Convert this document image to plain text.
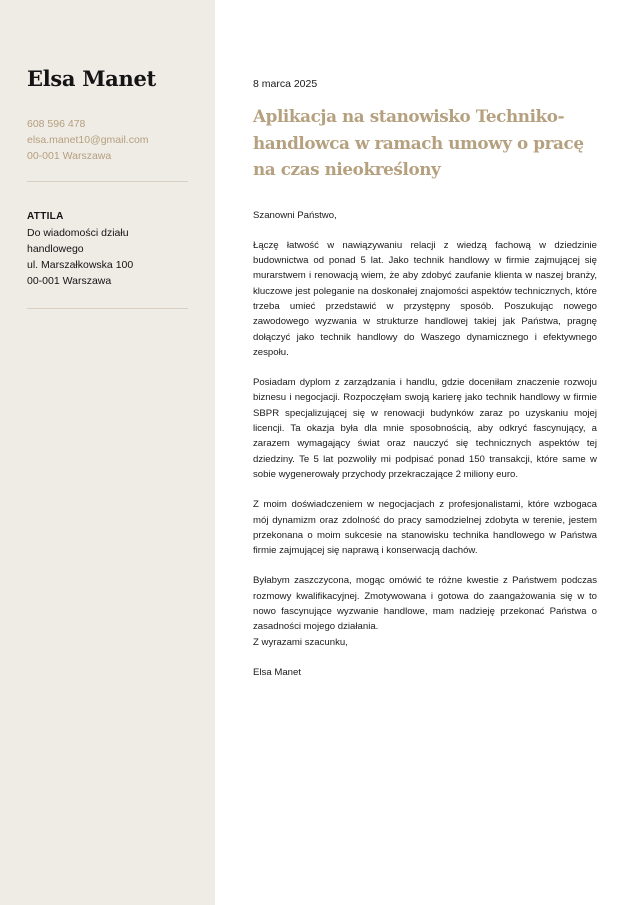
Elsa Manet
608 596 478
elsa.manet10@gmail.com
00-001 Warszawa
ATTILA
Do wiadomości działu handlowego
ul. Marszałkowska 100
00-001 Warszawa
8 marca 2025
Aplikacja na stanowisko Techniko-handlowca w ramach umowy o pracę na czas nieokreślony
Szanowni Państwo,
Łączę łatwość w nawiązywaniu relacji z wiedzą fachową w dziedzinie budownictwa od ponad 5 lat. Jako technik handlowy w firmie zajmującej się murarstwem i renowacją wiem, że aby zdobyć zaufanie klienta w naszej branży, kluczowe jest poleganie na doskonałej znajomości aspektów technicznych, które trzeba umieć przedstawić w przystępny sposób. Poszukując nowego zawodowego wyzwania w strukturze handlowej takiej jak Państwa, pragnę dołączyć jako technik handlowy do Waszego dynamicznego i efektywnego zespołu.
Posiadam dyplom z zarządzania i handlu, gdzie doceniłam znaczenie rozwoju biznesu i negocjacji. Rozpoczęłam swoją karierę jako technik handlowy w firmie SBPR specjalizującej się w renowacji budynków zaraz po uzyskaniu mojej licencji. Ta okazja była dla mnie sposobnością, aby odkryć fascynujący, a zarazem wymagający świat oraz nauczyć się technicznych aspektów tej dziedziny. Te 5 lat pozwoliły mi podpisać ponad 150 transakcji, które same w sobie wygenerowały przychody przekraczające 2 miliony euro.
Z moim doświadczeniem w negocjacjach z profesjonalistami, które wzbogaca mój dynamizm oraz zdolność do pracy samodzielnej zdobyta w terenie, jestem przekonana o moim sukcesie na stanowisku technika handlowego w Państwa firmie zajmującej się naprawą i konserwacją dachów.
Byłabym zaszczycona, mogąc omówić te różne kwestie z Państwem podczas rozmowy kwalifikacyjnej. Zmotywowana i gotowa do zaangażowania się w to nowo fascynujące wyzwanie handlowe, mam nadzieję przekonać Państwa o zasadności mojego działania.
Z wyrazami szacunku,
Elsa Manet
